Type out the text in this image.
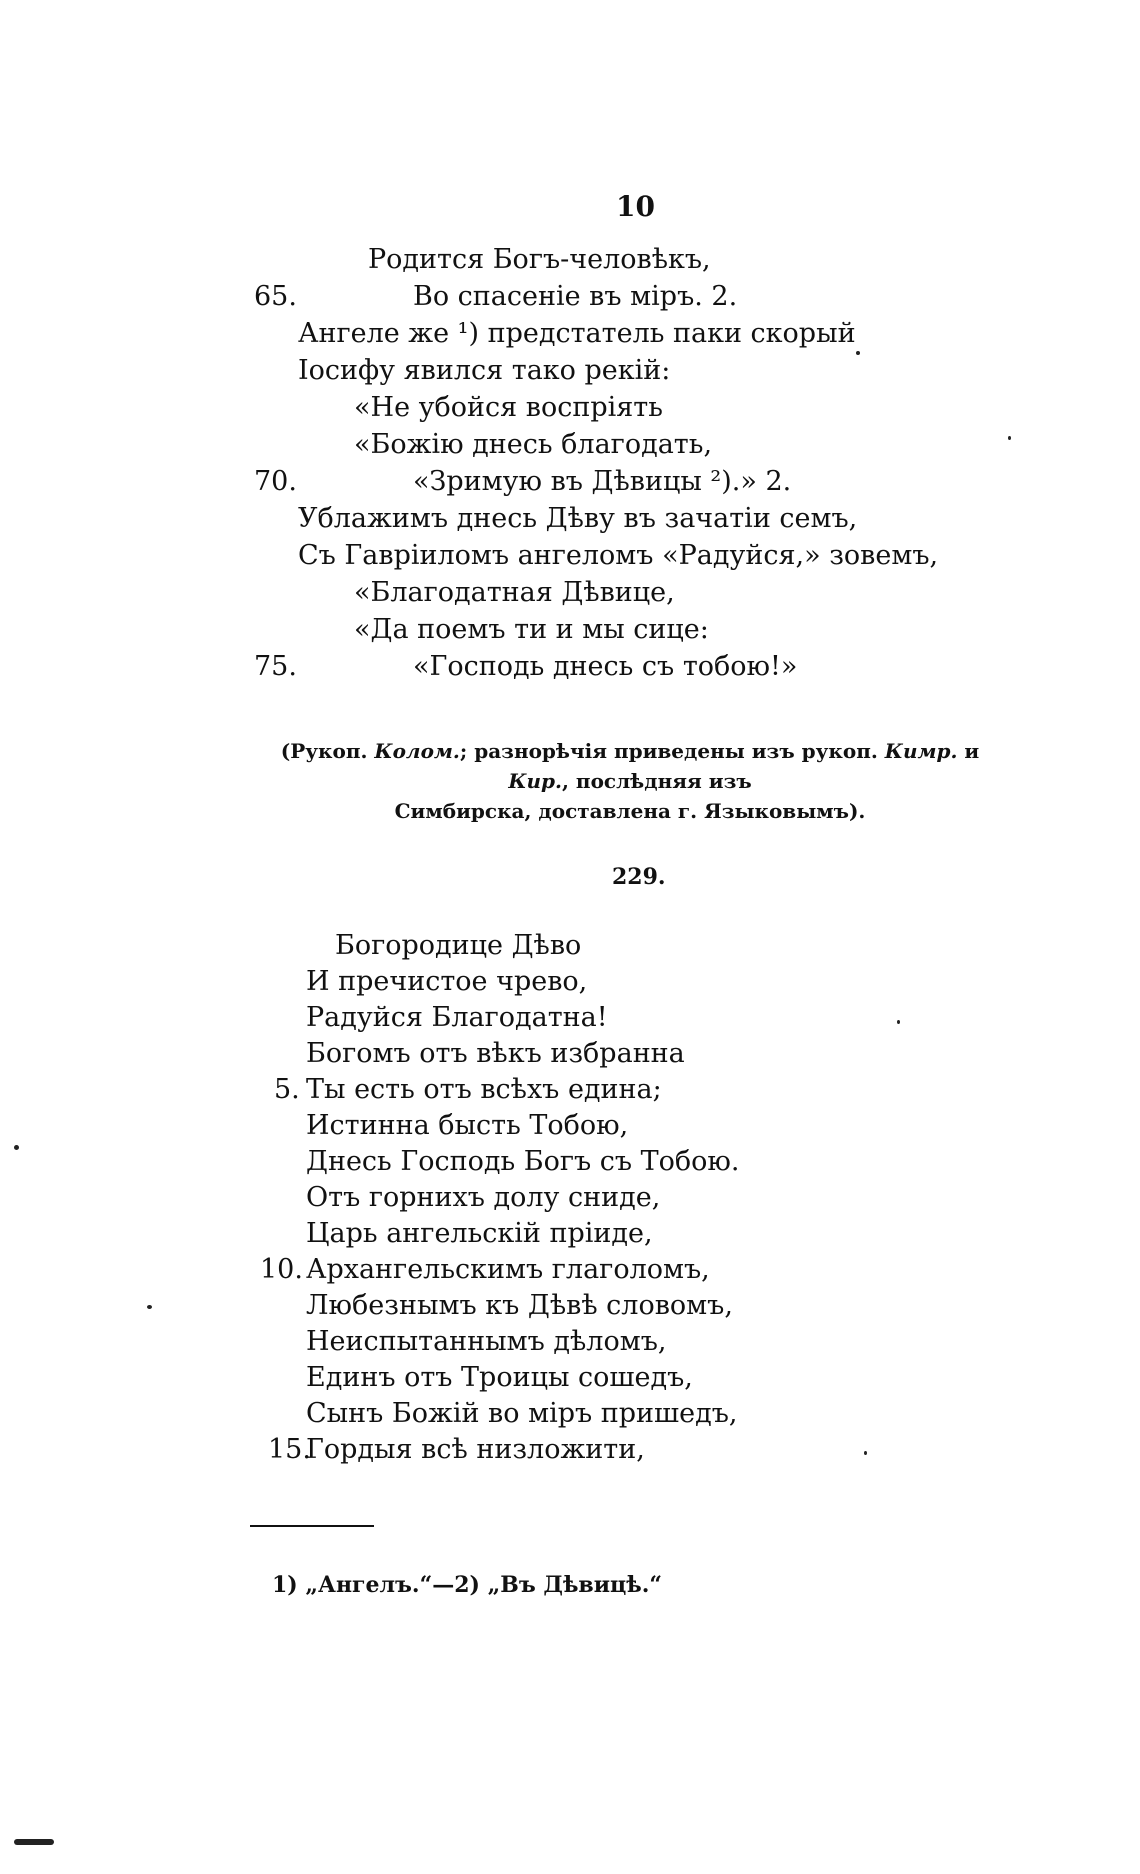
10
Родится Богъ-человѣкъ,
65.	Во спасеніе въ міръ. 2.
Ангеле же ¹) предстатель паки скорый
Іосифу явился тако рекій:
«Не убойся воспріять
«Божію днесь благодать,
70.	«Зримую въ Дѣвицы ²).» 2.
Ублажимъ днесь Дѣву въ зачатіи семъ,
Съ Гавріиломъ ангеломъ «Радуйся,» зовемъ,
«Благодатная Дѣвице,
«Да поемъ ти и мы сице:
75.	«Господь днесь съ тобою!»
(Рукоп. Колом.; разнорѣчія приведены изъ рукоп. Кимр. и Кир., послѣдняя изъ
Симбирска, доставлена г. Языковымъ).
229.
Богородице Дѣво
И пречистое чрево,
Радуйся Благодатна!
Богомъ отъ вѣкъ избранна
5. Ты есть отъ всѣхъ едина;
Истинна бысть Тобою,
Днесь Господь Богъ съ Тобою.
Отъ горнихъ долу сниде,
Царь ангельскій пріиде,
10. Архангельскимъ глаголомъ,
Любезнымъ къ Дѣвѣ словомъ,
Неиспытаннымъ дѣломъ,
Единъ отъ Троицы сошедъ,
Сынъ Божій во міръ пришедъ,
15.
Гордыя всѣ низложити,
1) „Ангелъ.“—2) „Въ Дѣвицѣ.“
